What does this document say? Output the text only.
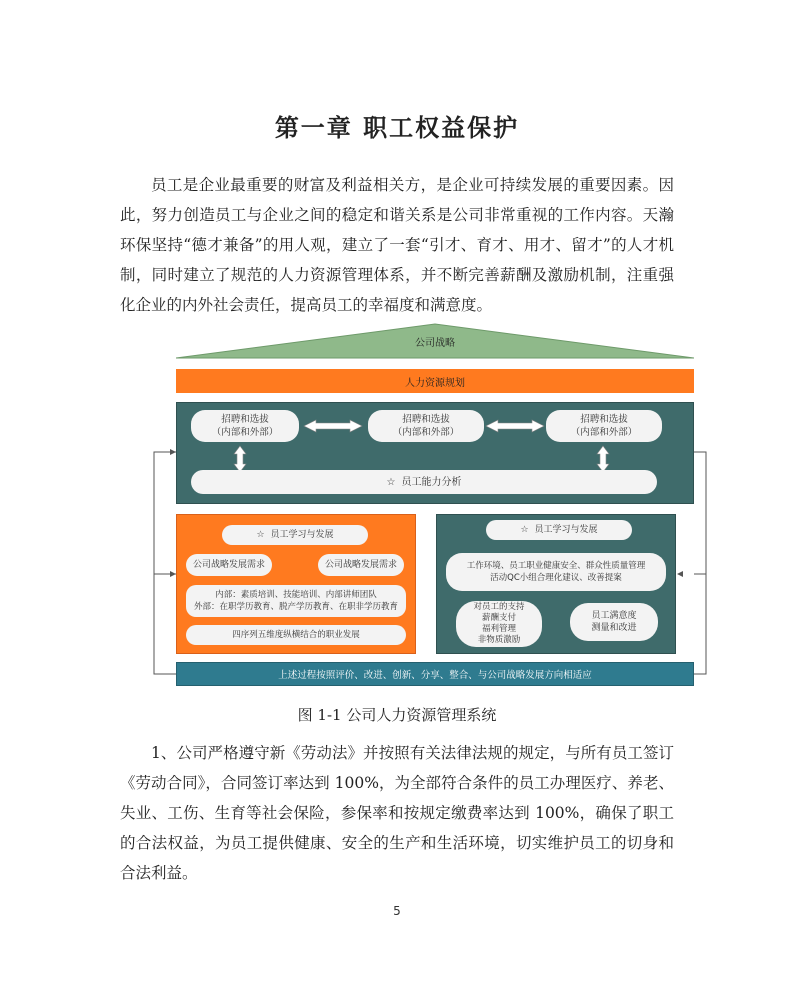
第一章 职工权益保护

员工是企业最重要的财富及利益相关方，是企业可持续发展的重要因素。因此，努力创造员工与企业之间的稳定和谐关系是公司非常重视的工作内容。天瀚环保坚持“德才兼备”的用人观，建立了一套“引才、育才、用才、留才”的人才机制，同时建立了规范的人力资源管理体系，并不断完善薪酬及激励机制，注重强化企业的内外社会责任，提高员工的幸福度和满意度。

公司战略
人力资源规划
招聘和选拔
（内部和外部）
招聘和选拔
（内部和外部）
招聘和选拔
（内部和外部）
☆ 员工能力分析
☆ 员工学习与发展
公司战略发展需求	公司战略发展需求
内部：素质培训、技能培训、内部讲师团队
外部：在职学历教育、脱产学历教育、在职非学历教育
四序列五维度纵横结合的职业发展
☆ 员工学习与发展
工作环境、员工职业健康安全、群众性质量管理
活动QC小组合理化建议、改善提案
对员工的支持
薪酬支付
福利管理
非物质激励
员工满意度
测量和改进
上述过程按照评价、改进、创新、分享、整合、与公司战略发展方向相适应
图 1-1 公司人力资源管理系统

1、公司严格遵守新《劳动法》并按照有关法律法规的规定，与所有员工签订《劳动合同》，合同签订率达到 100%，为全部符合条件的员工办理医疗、养老、失业、工伤、生育等社会保险，参保率和按规定缴费率达到 100%，确保了职工的合法权益，为员工提供健康、安全的生产和生活环境，切实维护员工的切身和合法利益。

5
